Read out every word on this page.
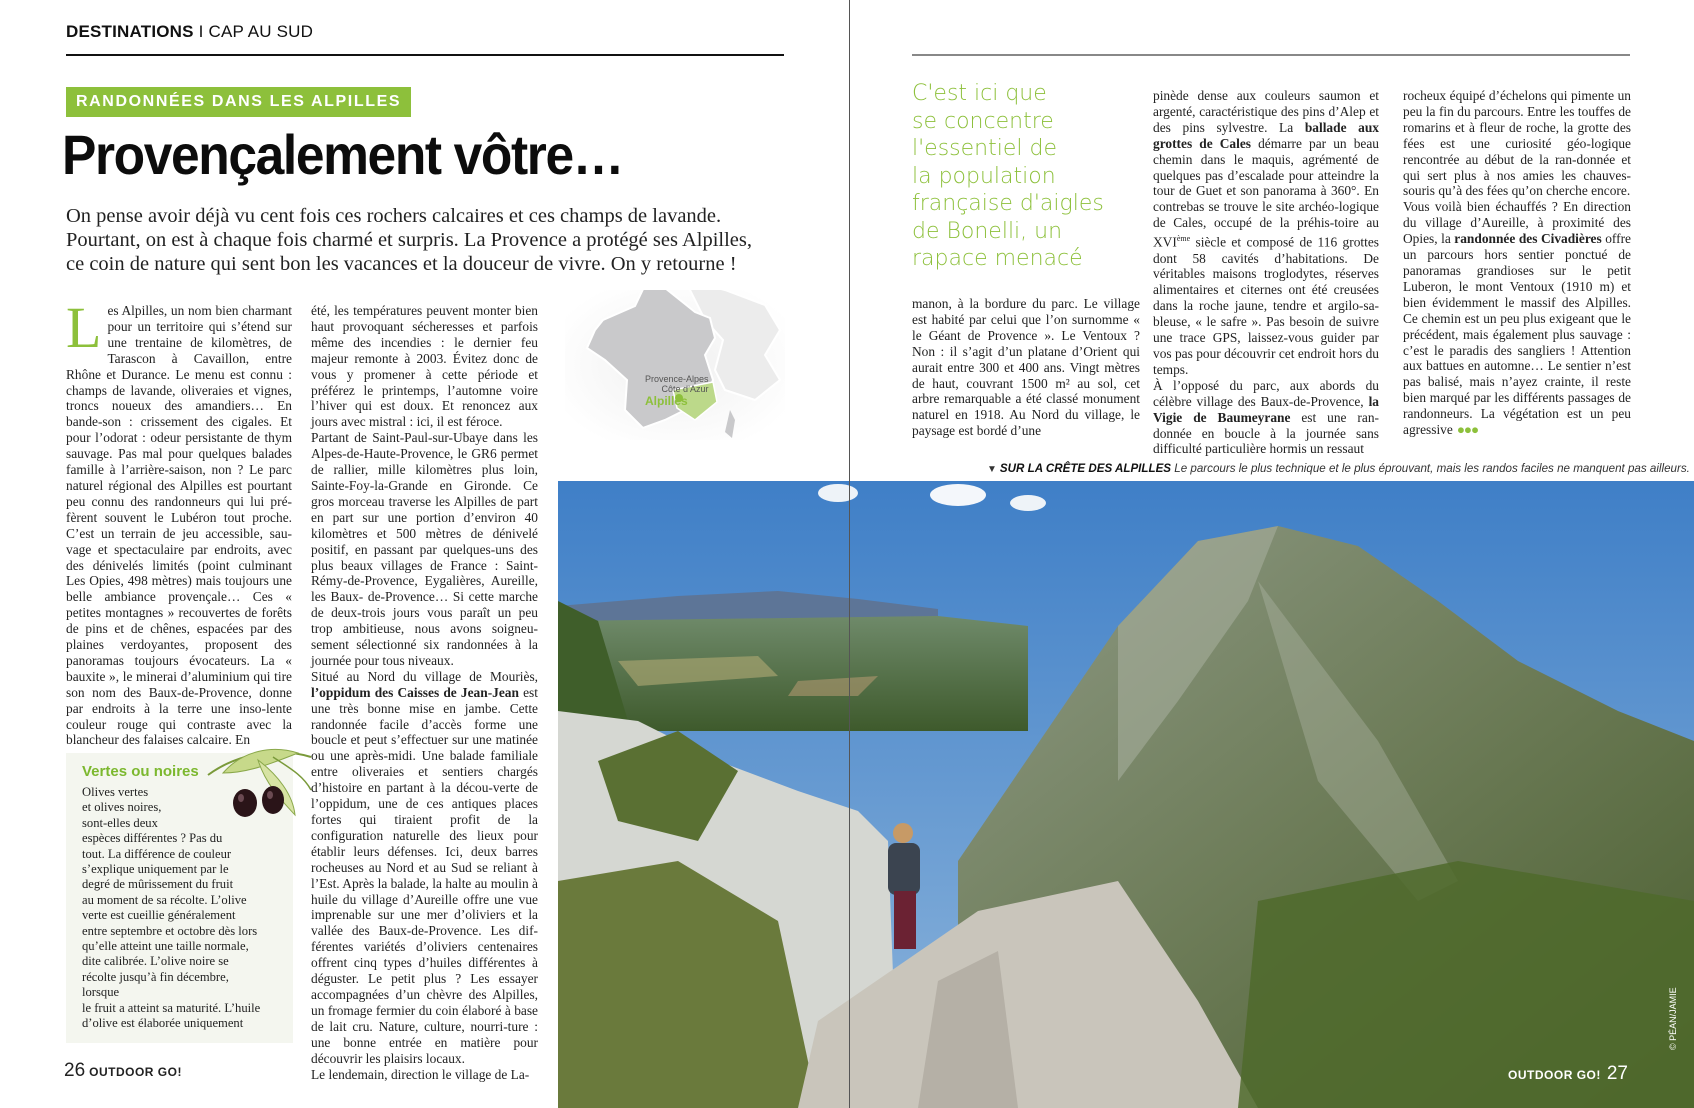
DESTINATIONS I CAP AU SUD
RANDONNÉES DANS LES ALPILLES
Provençalement vôtre…

On pense avoir déjà vu cent fois ces rochers calcaires et ces champs de lavande.

Pourtant, on est à chaque fois charmé et surpris. La Provence a protégé ses Alpilles,

ce coin de nature qui sent bon les vacances et la douceur de vivre. On y retourne !

Provence-Alpes
Côte d’Azur
Alpilles
L es Alpilles, un nom bien charmant pour un territoire qui s’étend sur une trentaine de kilomètres, de Tarascon à Cavaillon, entre Rhône et Durance. Le menu est connu : champs de lavande, oliveraies et vignes, troncs noueux des amandiers… En bande-son : crissement des cigales. Et pour l’odorat : odeur persistante de thym sauvage. Pas mal pour quelques balades famille à l’arrière-saison, non ? Le parc naturel régional des Alpilles est pourtant peu connu des randonneurs qui lui pré-fèrent souvent le Lubéron tout proche. C’est un terrain de jeu accessible, sau-vage et spectaculaire par endroits, avec des dénivelés limités (point culminant Les Opies, 498 mètres) mais toujours une belle ambiance provençale… Ces « petites montagnes » recouvertes de forêts de pins et de chênes, espacées par des plaines verdoyantes, proposent des panoramas toujours évocateurs. La « bauxite », le minerai d’aluminium qui tire son nom des Baux-de-Provence, donne par endroits à la terre une inso-lente couleur rouge qui contraste avec la blancheur des falaises calcaire. En

été, les températures peuvent monter bien haut provoquant sécheresses et parfois même des incendies : le dernier feu majeur remonte à 2003. Évitez donc de vous y promener à cette période et préférez le printemps, l’automne voire l’hiver qui est doux. Et renoncez aux jours avec mistral : ici, il est féroce.

Partant de Saint-Paul-sur-Ubaye dans les Alpes-de-Haute-Provence, le GR6 permet de rallier, mille kilomètres plus loin, Sainte-Foy-la-Grande en Gironde. Ce gros morceau traverse les Alpilles de part en part sur une portion d’environ 40 kilomètres et 500 mètres de dénivelé positif, en passant par quelques-uns des plus beaux villages de France : Saint-Rémy-de-Provence, Eygalières, Aureille, les Baux- de-Provence… Si cette marche de deux-trois jours vous paraît un peu trop ambitieuse, nous avons soigneu-sement sélectionné six randonnées à la journée pour tous niveaux.

Situé au Nord du village de Mouriès, l’oppidum des Caisses de Jean-Jean est une très bonne mise en jambe. Cette randonnée facile d’accès forme une boucle et peut s’effectuer sur une matinée ou une après-midi. Une balade familiale entre oliveraies et sentiers chargés d’histoire en partant à la décou-verte de l’oppidum, une de ces antiques places fortes qui tiraient profit de la configuration naturelle des lieux pour établir leurs défenses. Ici, deux barres rocheuses au Nord et au Sud se reliant à l’Est. Après la balade, la halte au moulin à huile du village d’Aureille offre une vue imprenable sur une mer d’oliviers et la vallée des Baux-de-Provence. Les dif-férentes variétés d’oliviers centenaires offrent cinq types d’huiles différentes à déguster. Le petit plus ? Les essayer accompagnées d’un chèvre des Alpilles, un fromage fermier du coin élaboré à base de lait cru. Nature, culture, nourri-ture : une bonne entrée en matière pour découvrir les plaisirs locaux.

Le lendemain, direction le village de La-

Vertes ou noires

Olives vertes

et olives noires,

sont-elles deux

espèces différentes ? Pas du

tout. La différence de couleur

s’explique uniquement par le

degré de mûrissement du fruit

au moment de sa récolte. L’olive

verte est cueillie généralement

entre septembre et octobre dès lors

qu’elle atteint une taille normale,

dite calibrée. L’olive noire se

récolte jusqu’à fin décembre,

lorsque

le fruit a atteint sa maturité. L’huile

d’olive est élaborée uniquement

26 OUTDOOR GO!

C'est ici que

se concentre

l'essentiel de

la population

française d'aigles

de Bonelli, un

rapace menacé

manon, à la bordure du parc. Le village est habité par celui que l’on surnomme « le Géant de Provence ». Le Ventoux ? Non : il s’agit d’un platane d’Orient qui aurait entre 300 et 400 ans. Vingt mètres de haut, couvrant 1500 m² au sol, cet arbre remarquable a été classé monument naturel en 1918. Au Nord du village, le paysage est bordé d’une

pinède dense aux couleurs saumon et argenté, caractéristique des pins d’Alep et des pins sylvestre. La ballade aux grottes de Cales démarre par un beau chemin dans le maquis, agrémenté de quelques pas d’escalade pour atteindre la tour de Guet et son panorama à 360°. En contrebas se trouve le site archéo-logique de Cales, occupé de la préhis-toire au XVIème siècle et composé de 116 grottes dont 58 cavités d’habitations. De véritables maisons troglodytes, réserves alimentaires et citernes ont été creusées dans la roche jaune, tendre et argilo-sa-bleuse, « le safre ». Pas besoin de suivre une trace GPS, laissez-vous guider par vos pas pour découvrir cet endroit hors du temps.

À l’opposé du parc, aux abords du célèbre village des Baux-de-Provence, la Vigie de Baumeyrane est une ran-donnée en boucle à la journée sans difficulté particulière hormis un ressaut

rocheux équipé d’échelons qui pimente un peu la fin du parcours. Entre les touffes de romarins et à fleur de roche, la grotte des fées est une curiosité géo-logique rencontrée au début de la ran-donnée et qui sert plus à nos amies les chauves-souris qu’à des fées qu’on cherche encore.

Vous voilà bien échauffés ? En direction du village d’Aureille, à proximité des Opies, la randonnée des Civadières offre un parcours hors sentier ponctué de panoramas grandioses sur le petit Luberon, le mont Ventoux (1910 m) et bien évidemment le massif des Alpilles. Ce chemin est un peu plus exigeant que le précédent, mais également plus sauvage : c’est le paradis des sangliers ! Attention aux battues en automne… Le sentier n’est pas balisé, mais n’ayez crainte, il reste bien marqué par les différents passages de randonneurs. La végétation est un peu agressive ●●●

▼ SUR LA CRÊTE DES ALPILLES Le parcours le plus technique et le plus éprouvant, mais les randos faciles ne manquent pas ailleurs.
OUTDOOR GO! 27
© PÉAN/JAMIE
